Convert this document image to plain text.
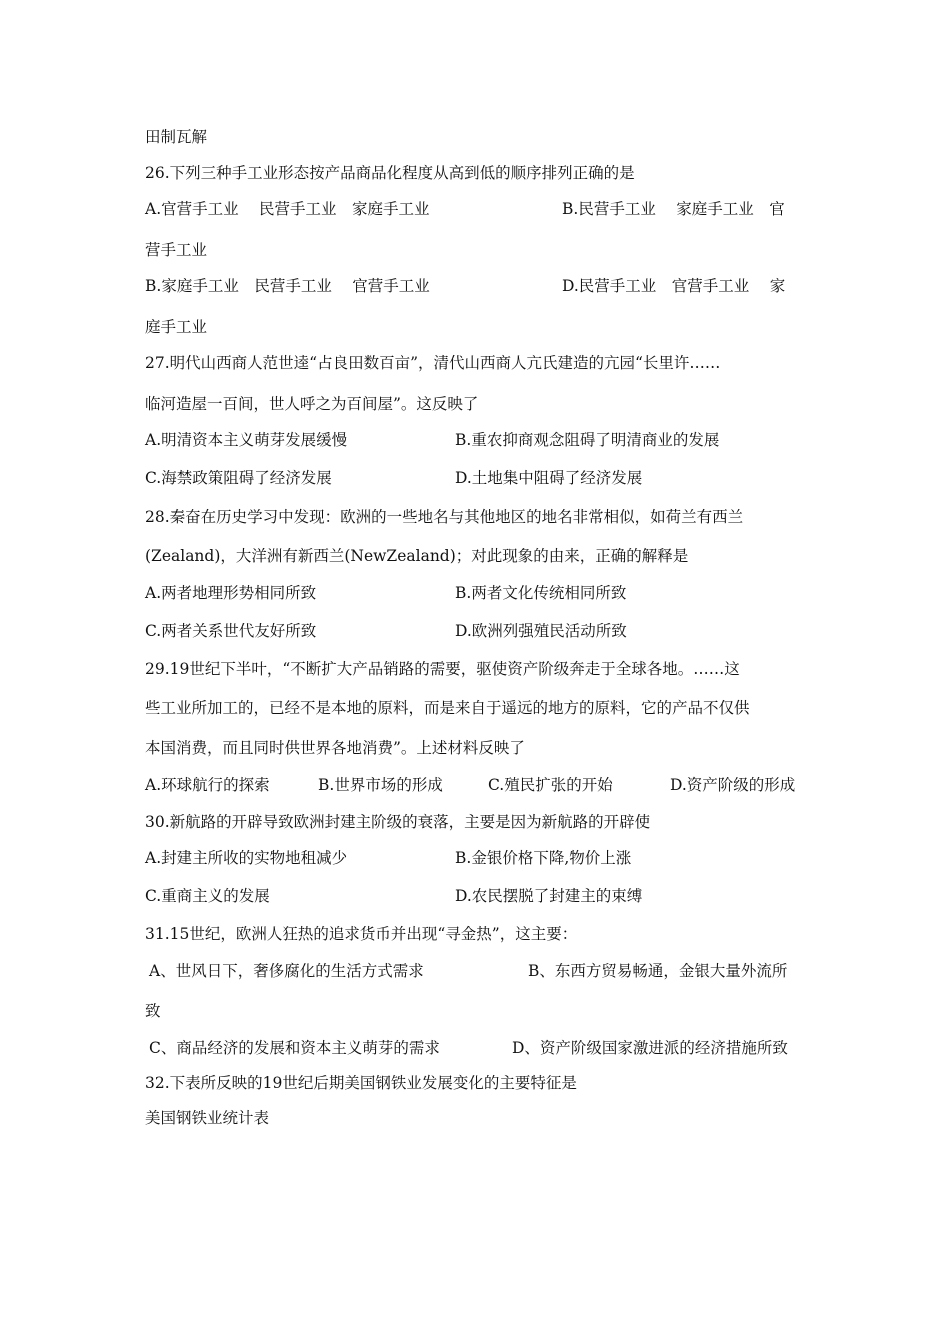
田制瓦解
26.下列三种手工业形态按产品商品化程度从高到低的顺序排列正确的是
A.官营手工业　 民营手工业　家庭手工业	B.民营手工业　 家庭手工业　官
营手工业
B.家庭手工业　民营手工业　 官营手工业	D.民营手工业　官营手工业　 家
庭手工业
27.明代山西商人范世逵“占良田数百亩”，清代山西商人亢氏建造的亢园“长里许……
临河造屋一百间，世人呼之为百间屋”。这反映了
A.明清资本主义萌芽发展缓慢	B.重农抑商观念阻碍了明清商业的发展
C.海禁政策阻碍了经济发展	D.土地集中阻碍了经济发展
28.秦奋在历史学习中发现：欧洲的一些地名与其他地区的地名非常相似，如荷兰有西兰
(Zealand)，大洋洲有新西兰(NewZealand)；对此现象的由来，正确的解释是
A.两者地理形势相同所致	B.两者文化传统相同所致
C.两者关系世代友好所致	D.欧洲列强殖民活动所致
29.19世纪下半叶，“不断扩大产品销路的需要，驱使资产阶级奔走于全球各地。……这
些工业所加工的，已经不是本地的原料，而是来自于遥远的地方的原料，它的产品不仅供
本国消费，而且同时供世界各地消费”。上述材料反映了
A.环球航行的探索	B.世界市场的形成	C.殖民扩张的开始	D.资产阶级的形成
30.新航路的开辟导致欧洲封建主阶级的衰落，主要是因为新航路的开辟使
A.封建主所收的实物地租减少	B.金银价格下降,物价上涨
C.重商主义的发展	D.农民摆脱了封建主的束缚
31.15世纪，欧洲人狂热的追求货币并出现“寻金热”，这主要：
A、世风日下，奢侈腐化的生活方式需求	B、东西方贸易畅通，金银大量外流所
致
C、商品经济的发展和资本主义萌芽的需求	D、资产阶级国家激进派的经济措施所致
32.下表所反映的19世纪后期美国钢铁业发展变化的主要特征是
美国钢铁业统计表
